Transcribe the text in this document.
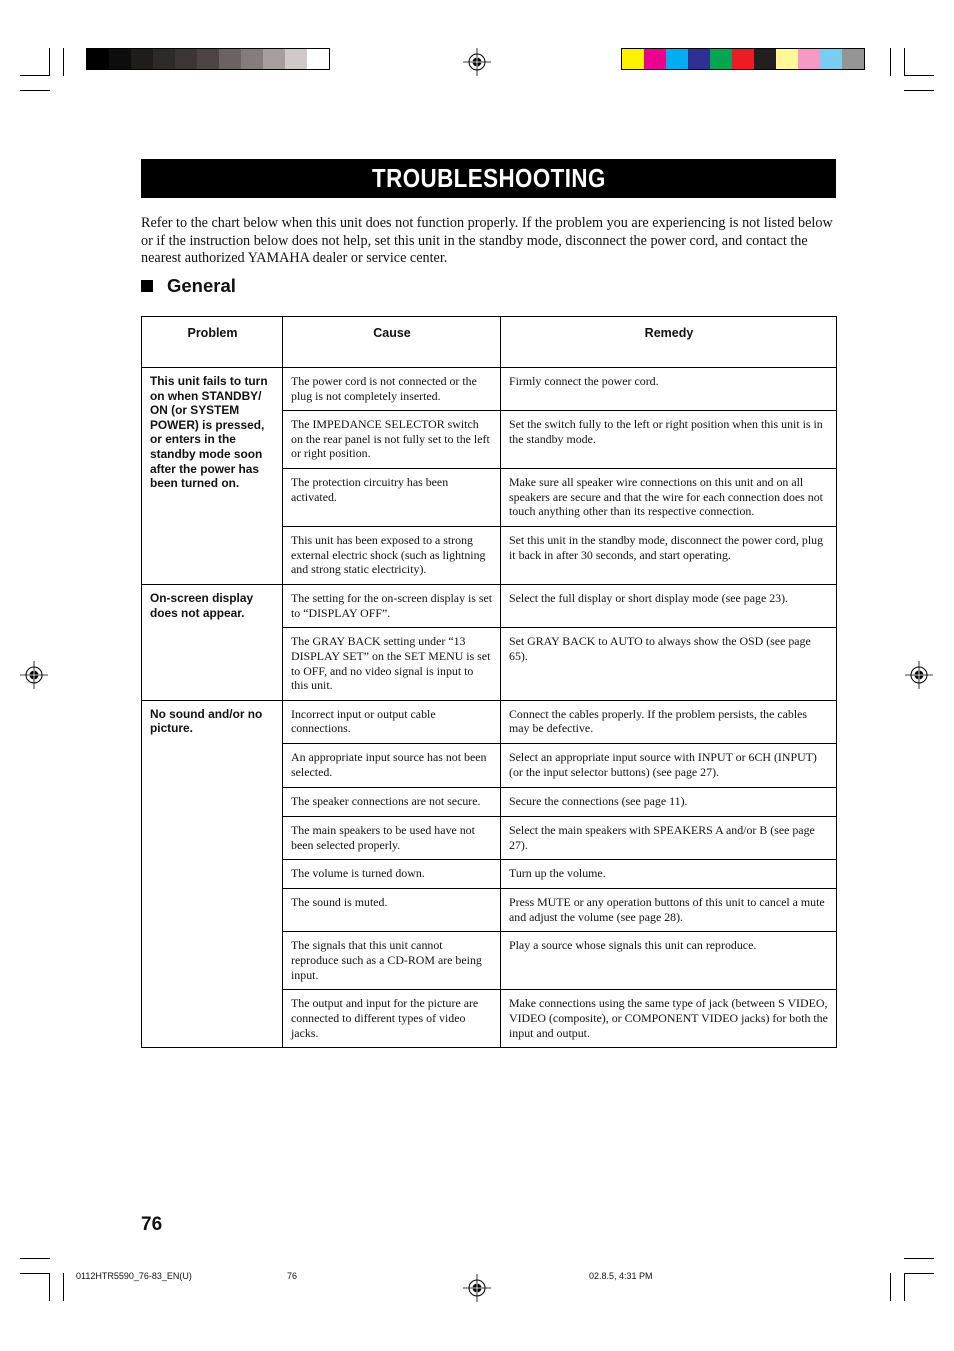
TROUBLESHOOTING

Refer to the chart below when this unit does not function properly. If the problem you are experiencing is not listed below or if the instruction below does not help, set this unit in the standby mode, disconnect the power cord, and contact the nearest authorized YAMAHA dealer or service center.

General
Problem	Cause	Remedy
This unit fails to turn on when STANDBY/ ON (or SYSTEM POWER) is pressed, or enters in the standby mode soon after the power has been turned on.	The power cord is not connected or the plug is not completely inserted.	Firmly connect the power cord.
	The IMPEDANCE SELECTOR switch on the rear panel is not fully set to the left or right position.	Set the switch fully to the left or right position when this unit is in the standby mode.
	The protection circuitry has been activated.	Make sure all speaker wire connections on this unit and on all speakers are secure and that the wire for each connection does not touch anything other than its respective connection.
	This unit has been exposed to a strong external electric shock (such as lightning and strong static electricity).	Set this unit in the standby mode, disconnect the power cord, plug it back in after 30 seconds, and start operating.
On-screen display does not appear.	The setting for the on-screen display is set to “DISPLAY OFF”.	Select the full display or short display mode (see page 23).
	The GRAY BACK setting under “13 DISPLAY SET” on the SET MENU is set to OFF, and no video signal is input to this unit.	Set GRAY BACK to AUTO to always show the OSD (see page 65).
No sound and/or no picture.	Incorrect input or output cable connections.	Connect the cables properly. If the problem persists, the cables may be defective.
	An appropriate input source has not been selected.	Select an appropriate input source with INPUT or 6CH (INPUT) (or the input selector buttons) (see page 27).
	The speaker connections are not secure.	Secure the connections (see page 11).
	The main speakers to be used have not been selected properly.	Select the main speakers with SPEAKERS A and/or B (see page 27).
	The volume is turned down.	Turn up the volume.
	The sound is muted.	Press MUTE or any operation buttons of this unit to cancel a mute and adjust the volume (see page 28).
	The signals that this unit cannot reproduce such as a CD-ROM are being input.	Play a source whose signals this unit can reproduce.
	The output and input for the picture are connected to different types of video jacks.	Make connections using the same type of jack (between S VIDEO, VIDEO (composite), or COMPONENT VIDEO jacks) for both the input and output.
76
0112HTR5590_76-83_EN(U)	76	02.8.5, 4:31 PM
